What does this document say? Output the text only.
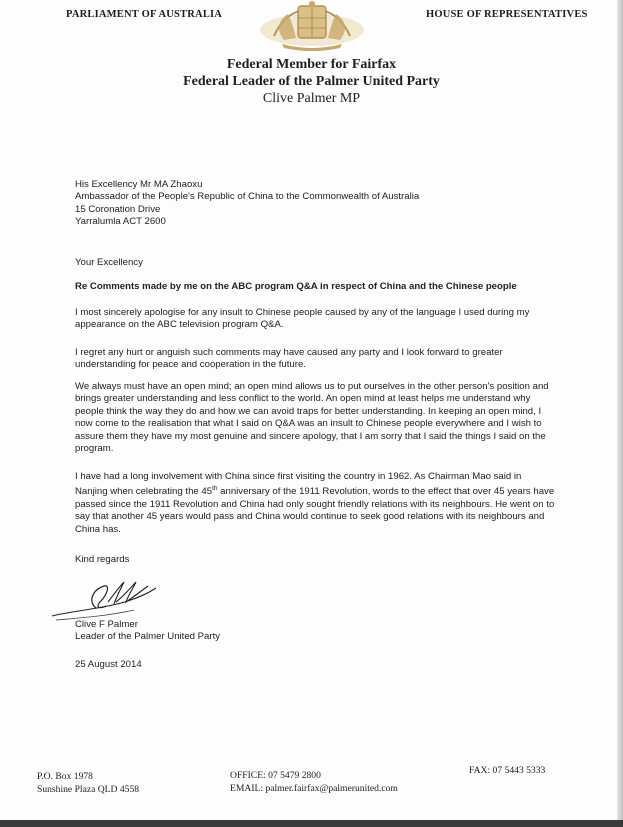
PARLIAMENT OF AUSTRALIA	HOUSE OF REPRESENTATIVES
Federal Member for Fairfax
Federal Leader of the Palmer United Party
Clive Palmer MP

His Excellency Mr MA Zhaoxu

Ambassador of the People's Republic of China to the Commonwealth of Australia

15 Coronation Drive

Yarralumla ACT 2600

Your Excellency
Re Comments made by me on the ABC program Q&A in respect of China and the Chinese people
I most sincerely apologise for any insult to Chinese people caused by any of the language I used during my appearance on the ABC television program Q&A.
I regret any hurt or anguish such comments may have caused any party and I look forward to greater understanding for peace and cooperation in the future.
We always must have an open mind; an open mind allows us to put ourselves in the other person's position and brings greater understanding and less conflict to the world. An open mind at least helps me understand why people think the way they do and how we can avoid traps for better understanding. In keeping an open mind, I now come to the realisation that what I said on Q&A was an insult to Chinese people everywhere and I wish to assure them they have my most genuine and sincere apology, that I am sorry that I said the things I said on the program.
I have had a long involvement with China since first visiting the country in 1962. As Chairman Mao said in Nanjing when celebrating the 45th anniversary of the 1911 Revolution, words to the effect that over 45 years have passed since the 1911 Revolution and China had only sought friendly relations with its neighbours. He went on to say that another 45 years would pass and China would continue to seek good relations with its neighbours and China has.
Kind regards

Clive F Palmer

Leader of the Palmer United Party

25 August 2014
P.O. Box 1978
Sunshine Plaza QLD 4558
OFFICE: 07 5479 2800
EMAIL: palmer.fairfax@palmerunited.com
FAX: 07 5443 5333
